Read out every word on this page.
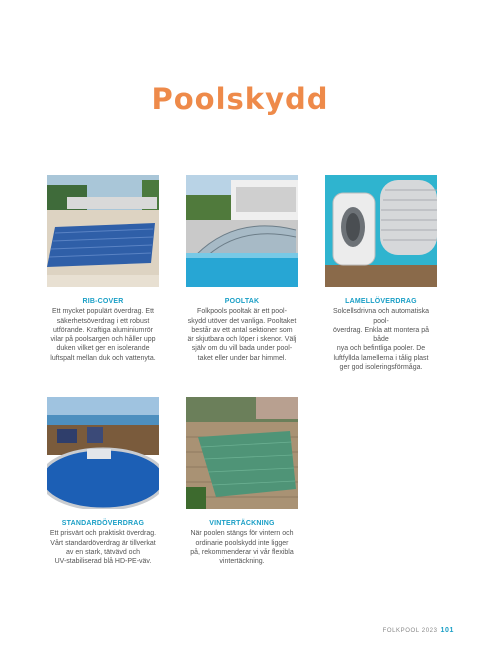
Poolskydd
RIB-COVER
Ett mycket populärt överdrag. Ett
säkerhetsöverdrag i ett robust
utförande. Kraftiga aluminiumrör
vilar på poolsargen och håller upp
duken vilket ger en isolerande
luftspalt mellan duk och vattenyta.
POOLTAK
Folkpools pooltak är ett pool-
skydd utöver det vanliga. Pooltaket
består av ett antal sektioner som
är skjutbara och löper i skenor. Välj
själv om du vill bada under pool-
taket eller under bar himmel.
LAMELLÖVERDRAG
Solcellsdrivna och automatiska pool-
överdrag. Enkla att montera på både
nya och befintliga pooler. De
luftfyllda lamellerna i tålig plast
ger god isoleringsförmåga.
STANDARDÖVERDRAG
Ett prisvärt och praktiskt överdrag.
Vårt standardöverdrag är tillverkat
av en stark, tätvävd och
UV-stabiliserad blå HD-PE-väv.
VINTERTÄCKNING
När poolen stängs för vintern och
ordinarie poolskydd inte ligger
på, rekommenderar vi vår flexibla
vintertäckning.
FOLKPOOL 2023 101
